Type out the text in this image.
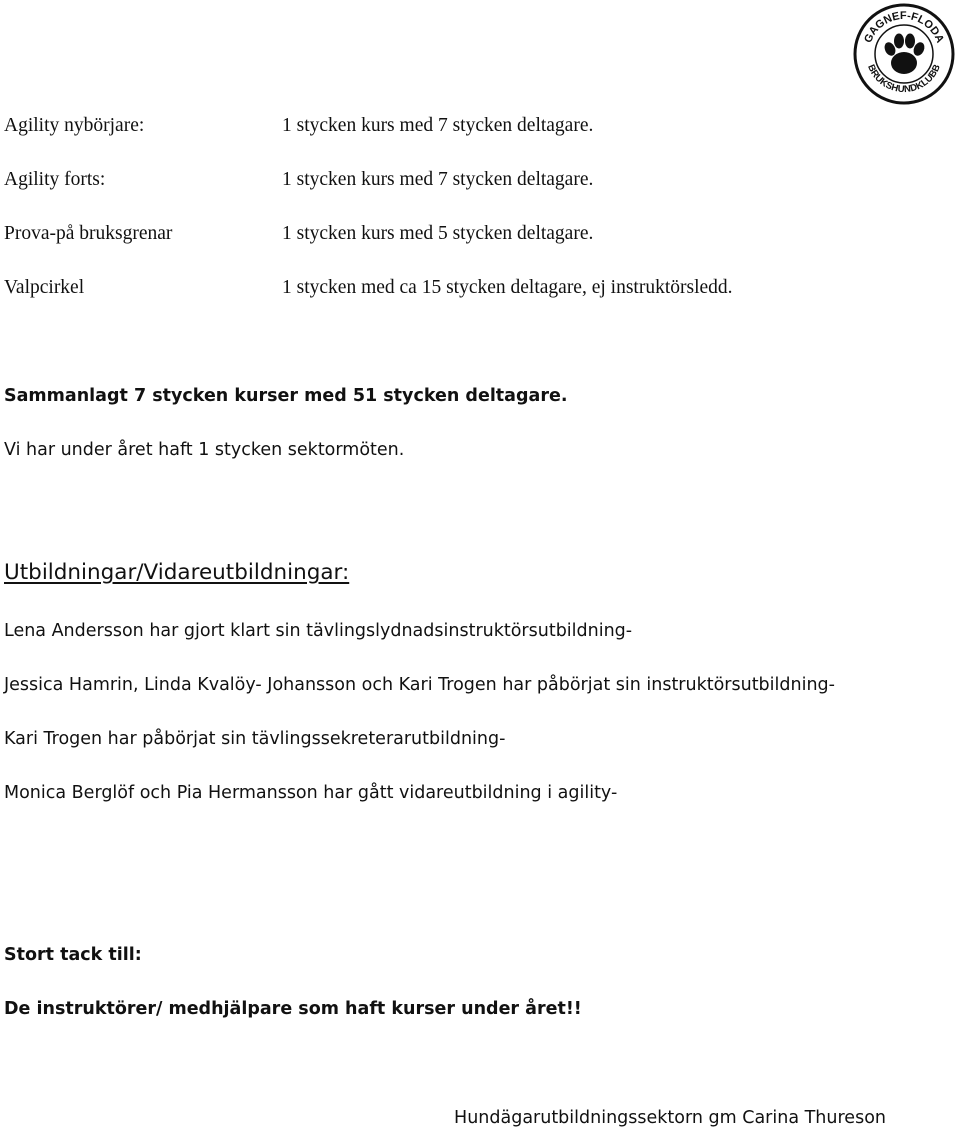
GAGNEF-FLODA
BRUKSHUNDKLUBB
Agility nybörjare:	1 stycken kurs med 7 stycken deltagare.
Agility forts:	1 stycken kurs med 7 stycken deltagare.
Prova-på bruksgrenar	1 stycken kurs med 5 stycken deltagare.
Valpcirkel	1 stycken med ca 15 stycken deltagare, ej instruktörsledd.
Sammanlagt 7 stycken kurser med 51 stycken deltagare.
Vi har under året haft 1 stycken sektormöten.
Utbildningar/Vidareutbildningar:
Lena Andersson har gjort klart sin tävlingslydnadsinstruktörsutbildning-
Jessica Hamrin, Linda Kvalöy- Johansson och Kari Trogen har påbörjat sin instruktörsutbildning-
Kari Trogen har påbörjat sin tävlingssekreterarutbildning-
Monica Berglöf och Pia Hermansson har gått vidareutbildning i agility-
Stort tack till:
De instruktörer/ medhjälpare som haft kurser under året!!
Hundägarutbildningssektorn gm Carina Thureson
